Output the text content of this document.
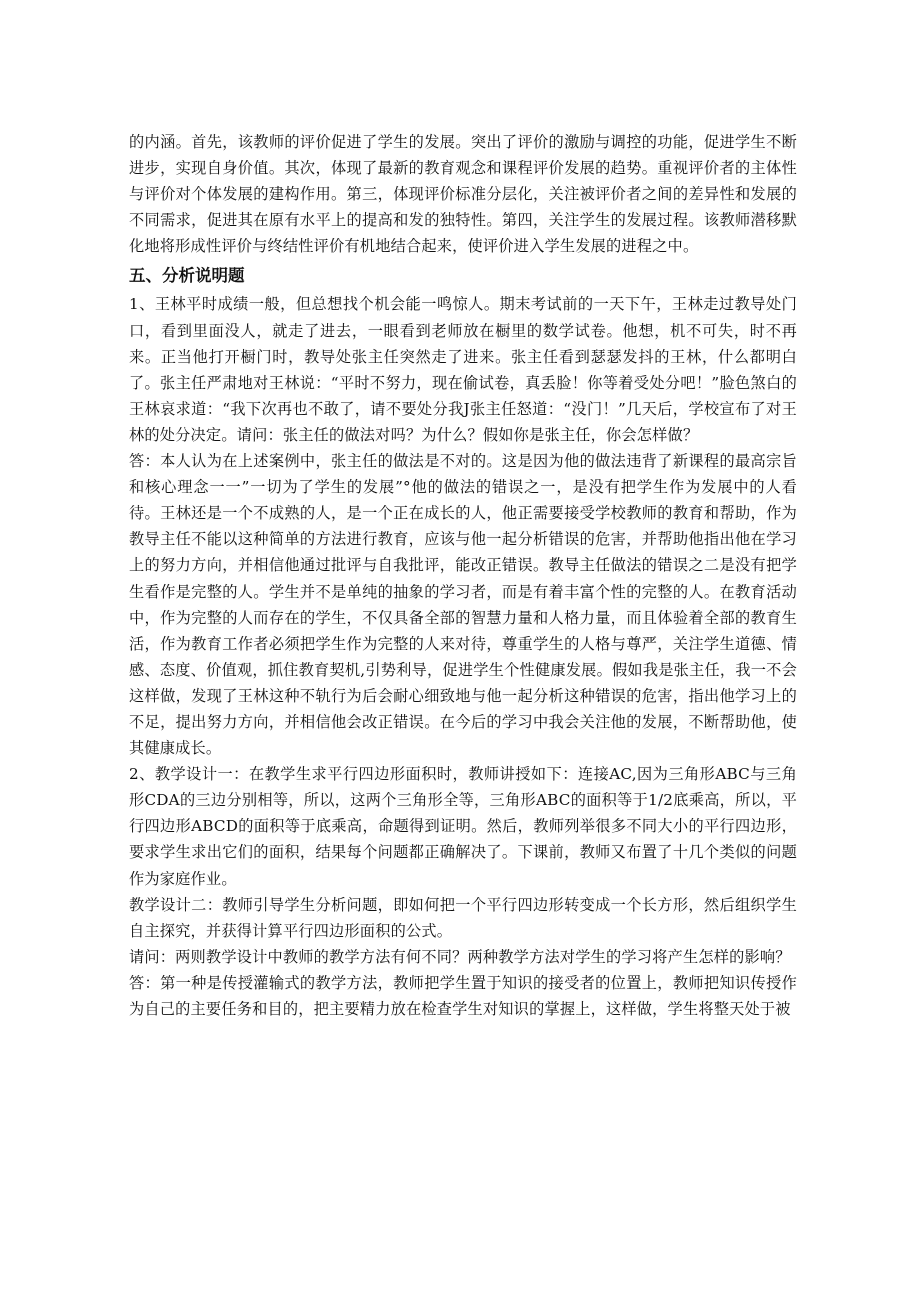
的内涵。首先，该教师的评价促进了学生的发展。突出了评价的激励与调控的功能，促进学生不断进步，实现自身价值。其次，体现了最新的教育观念和课程评价发展的趋势。重视评价者的主体性与评价对个体发展的建构作用。第三，体现评价标准分层化，关注被评价者之间的差异性和发展的不同需求，促进其在原有水平上的提高和发的独特性。第四，关注学生的发展过程。该教师潜移默化地将形成性评价与终结性评价有机地结合起来，使评价进入学生发展的进程之中。

五、分析说明题

1、王林平时成绩一般，但总想找个机会能一鸣惊人。期末考试前的一天下午，王林走过教导处门口，看到里面没人，就走了进去，一眼看到老师放在橱里的数学试卷。他想，机不可失，时不再来。正当他打开橱门时，教导处张主任突然走了进来。张主任看到瑟瑟发抖的王林，什么都明白了。张主任严肃地对王林说：“平时不努力，现在偷试卷，真丢脸！你等着受处分吧！”脸色煞白的王林哀求道：“我下次再也不敢了，请不要处分我J张主任怒道：“没门！”几天后，学校宣布了对王林的处分决定。请问：张主任的做法对吗？为什么？假如你是张主任，你会怎样做？

答：本人认为在上述案例中，张主任的做法是不对的。这是因为他的做法违背了新课程的最高宗旨和核心理念一一”一切为了学生的发展”°他的做法的错误之一，是没有把学生作为发展中的人看待。王林还是一个不成熟的人，是一个正在成长的人，他正需要接受学校教师的教育和帮助，作为教导主任不能以这种简单的方法进行教育，应该与他一起分析错误的危害，并帮助他指出他在学习上的努力方向，并相信他通过批评与自我批评，能改正错误。教导主任做法的错误之二是没有把学生看作是完整的人。学生并不是单纯的抽象的学习者，而是有着丰富个性的完整的人。在教育活动中，作为完整的人而存在的学生，不仅具备全部的智慧力量和人格力量，而且体验着全部的教育生活，作为教育工作者必须把学生作为完整的人来对待，尊重学生的人格与尊严，关注学生道德、情感、态度、价值观，抓住教育契机,引势利导，促进学生个性健康发展。假如我是张主任，我一不会这样做，发现了王林这种不轨行为后会耐心细致地与他一起分析这种错误的危害，指出他学习上的不足，提出努力方向，并相信他会改正错误。在今后的学习中我会关注他的发展，不断帮助他，使其健康成长。

2、教学设计一：在教学生求平行四边形面积时，教师讲授如下：连接AC,因为三角形ABC与三角形CDA的三边分别相等，所以，这两个三角形全等，三角形ABC的面积等于1/2底乘高，所以，平行四边形ABCD的面积等于底乘高，命题得到证明。然后，教师列举很多不同大小的平行四边形，要求学生求出它们的面积，结果每个问题都正确解决了。下课前，教师又布置了十几个类似的问题作为家庭作业。

教学设计二：教师引导学生分析问题，即如何把一个平行四边形转变成一个长方形，然后组织学生自主探究，并获得计算平行四边形面积的公式。

请问：两则教学设计中教师的教学方法有何不同？两种教学方法对学生的学习将产生怎样的影响？

答：第一种是传授灌输式的教学方法，教师把学生置于知识的接受者的位置上，教师把知识传授作为自己的主要任务和目的，把主要精力放在检查学生对知识的掌握上，这样做，学生将整天处于被
